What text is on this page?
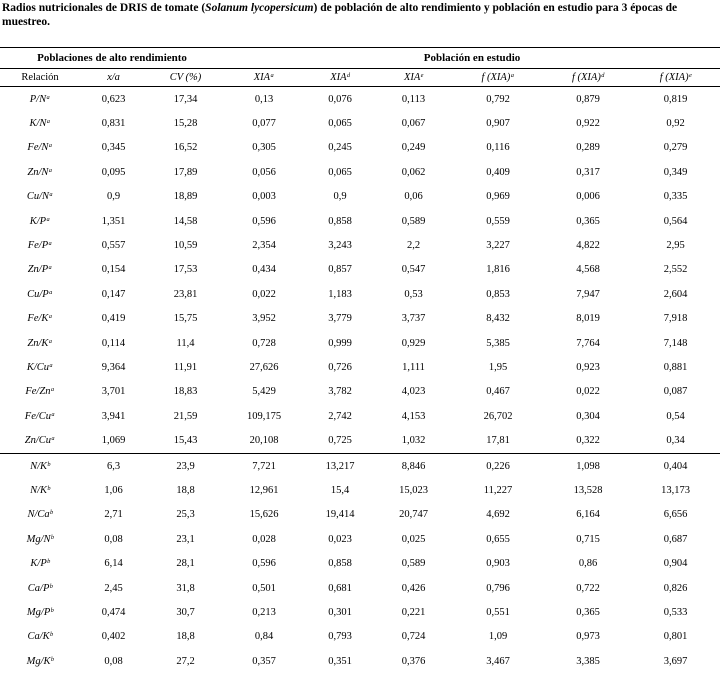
Radios nutricionales de DRIS de tomate (Solanum lycopersicum) de población de alto rendimiento y población en estudio para 3 épocas de muestreo.
Poblaciones de alto rendimiento			Población en estudio					
Relación	x/a	CV (%)	XIAᵃ	XIAᵈ	XIAᵉ	f (XIA)ᵃ	f (XIA)ᵈ	f (XIA)ᵉ
P/Nᵃ	0,623	17,34	0,13	0,076	0,113	0,792	0,879	0,819
K/Nᵃ	0,831	15,28	0,077	0,065	0,067	0,907	0,922	0,92
Fe/Nᵃ	0,345	16,52	0,305	0,245	0,249	0,116	0,289	0,279
Zn/Nᵃ	0,095	17,89	0,056	0,065	0,062	0,409	0,317	0,349
Cu/Nᵃ	0,9	18,89	0,003	0,9	0,06	0,969	0,006	0,335
K/Pᵃ	1,351	14,58	0,596	0,858	0,589	0,559	0,365	0,564
Fe/Pᵃ	0,557	10,59	2,354	3,243	2,2	3,227	4,822	2,95
Zn/Pᵃ	0,154	17,53	0,434	0,857	0,547	1,816	4,568	2,552
Cu/Pᵃ	0,147	23,81	0,022	1,183	0,53	0,853	7,947	2,604
Fe/Kᵃ	0,419	15,75	3,952	3,779	3,737	8,432	8,019	7,918
Zn/Kᵃ	0,114	11,4	0,728	0,999	0,929	5,385	7,764	7,148
K/Cuᵃ	9,364	11,91	27,626	0,726	1,111	1,95	0,923	0,881
Fe/Znᵃ	3,701	18,83	5,429	3,782	4,023	0,467	0,022	0,087
Fe/Cuᵃ	3,941	21,59	109,175	2,742	4,153	26,702	0,304	0,54
Zn/Cuᵃ	1,069	15,43	20,108	0,725	1,032	17,81	0,322	0,34
N/Kᵇ	6,3	23,9	7,721	13,217	8,846	0,226	1,098	0,404
N/Kᵇ	1,06	18,8	12,961	15,4	15,023	11,227	13,528	13,173
N/Caᵇ	2,71	25,3	15,626	19,414	20,747	4,692	6,164	6,656
Mg/Nᵇ	0,08	23,1	0,028	0,023	0,025	0,655	0,715	0,687
K/Pᵇ	6,14	28,1	0,596	0,858	0,589	0,903	0,86	0,904
Ca/Pᵇ	2,45	31,8	0,501	0,681	0,426	0,796	0,722	0,826
Mg/Pᵇ	0,474	30,7	0,213	0,301	0,221	0,551	0,365	0,533
Ca/Kᵇ	0,402	18,8	0,84	0,793	0,724	1,09	0,973	0,801
Mg/Kᵇ	0,08	27,2	0,357	0,351	0,376	3,467	3,385	3,697
